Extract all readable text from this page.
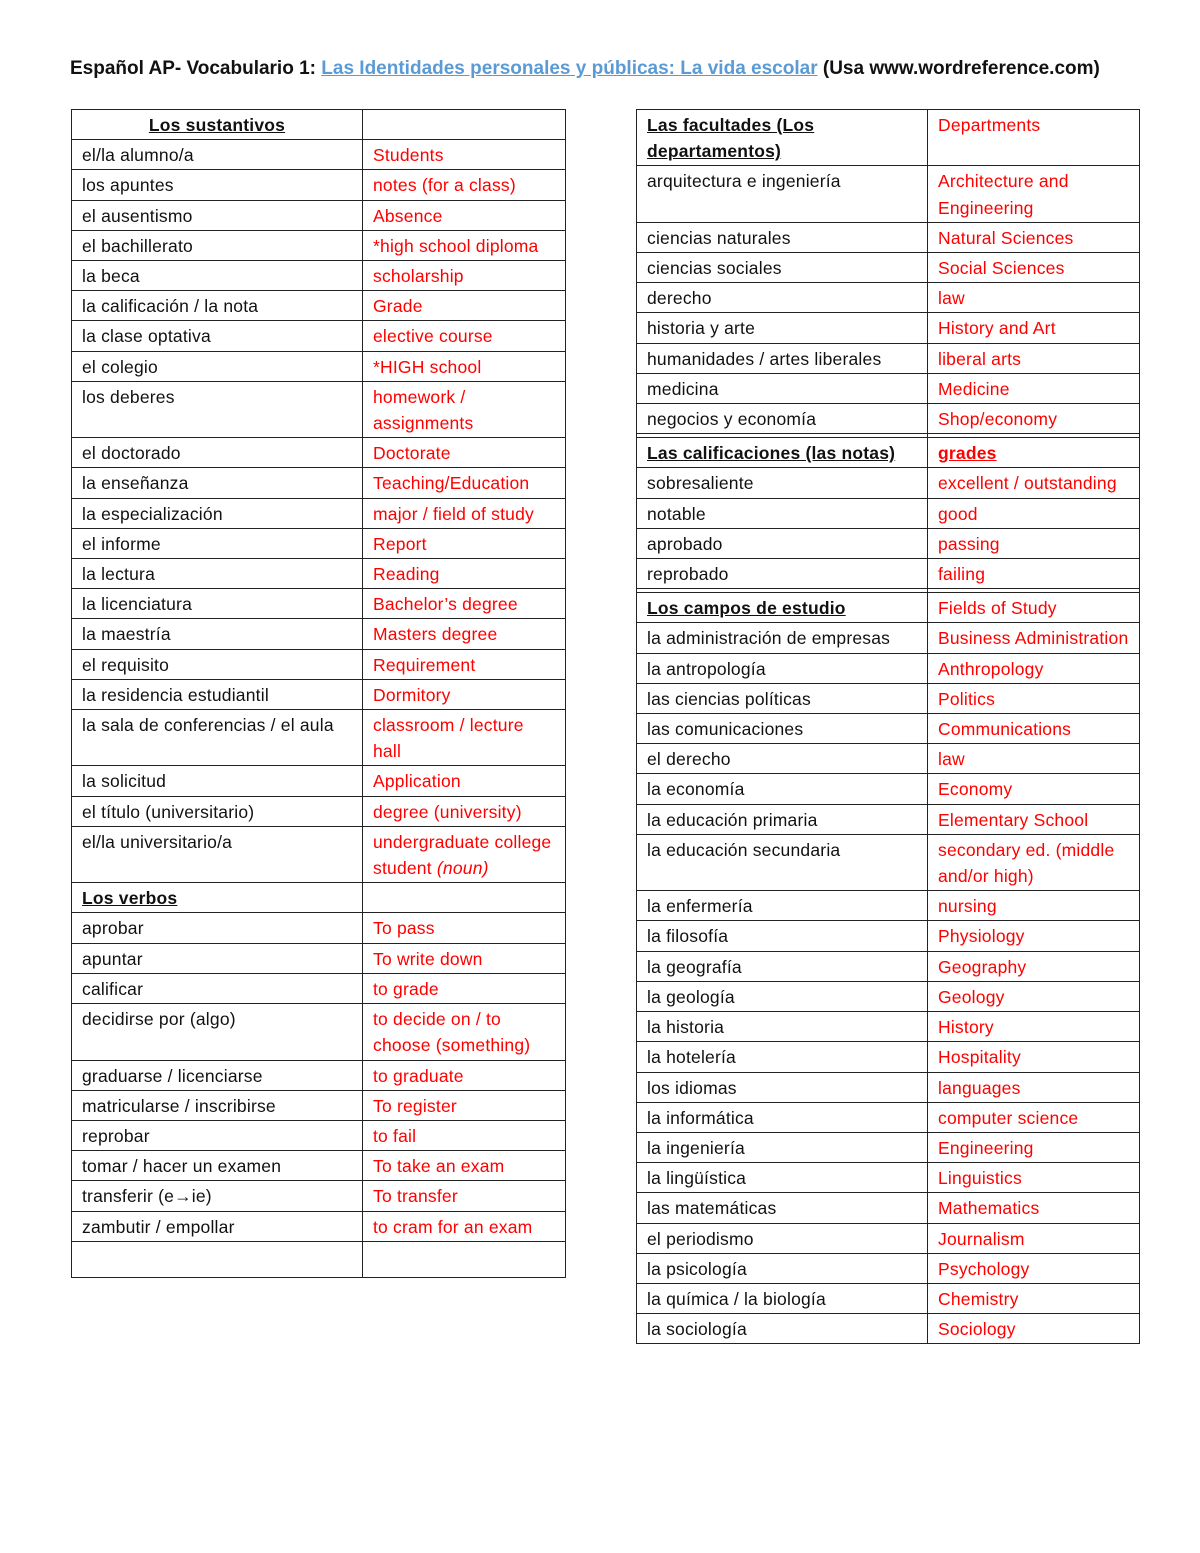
Español AP- Vocabulario 1: Las Identidades personales y públicas: La vida escolar (Usa www.wordreference.com)
Los sustantivos	
el/la alumno/a	Students
los apuntes	notes (for a class)
el ausentismo	Absence
el bachillerato	*high school diploma
la beca	scholarship
la calificación / la nota	Grade
la clase optativa	elective course
el colegio	*HIGH school
los deberes	homework / assignments
el doctorado	Doctorate
la enseñanza	Teaching/Education
la especialización	major / field of study
el informe	Report
la lectura	Reading
la licenciatura	Bachelor’s degree
la maestría	Masters degree
el requisito	Requirement
la residencia estudiantil	Dormitory
la sala de conferencias / el aula	classroom / lecture hall
la solicitud	Application
el título (universitario)	degree (university)
el/la universitario/a	undergraduate college student (noun)
Los verbos	
aprobar	To pass
apuntar	To write down
calificar	to grade
decidirse por (algo)	to decide on / to choose (something)
graduarse / licenciarse	to graduate
matricularse / inscribirse	To register
reprobar	to fail
tomar / hacer un examen	To take an exam
transferir (e→ie)	To transfer
zambutir / empollar	to cram for an exam

Las facultades (Los departamentos)	Departments
arquitectura e ingeniería	Architecture and Engineering
ciencias naturales	Natural Sciences
ciencias sociales	Social Sciences
derecho	law
historia y arte	History and Art
humanidades / artes liberales	liberal arts
medicina	Medicine
negocios y economía	Shop/economy

Las calificaciones (las notas)	grades
sobresaliente	excellent / outstanding
notable	good
aprobado	passing
reprobado	failing

Los campos de estudio	Fields of Study
la administración de empresas	Business Administration
la antropología	Anthropology
las ciencias políticas	Politics
las comunicaciones	Communications
el derecho	law
la economía	Economy
la educación primaria	Elementary School
la educación secundaria	secondary ed. (middle and/or high)
la enfermería	nursing
la filosofía	Physiology
la geografía	Geography
la geología	Geology
la historia	History
la hotelería	Hospitality
los idiomas	languages
la informática	computer science
la ingeniería	Engineering
la lingüística	Linguistics
las matemáticas	Mathematics
el periodismo	Journalism
la psicología	Psychology
la química / la biología	Chemistry
la sociología	Sociology
